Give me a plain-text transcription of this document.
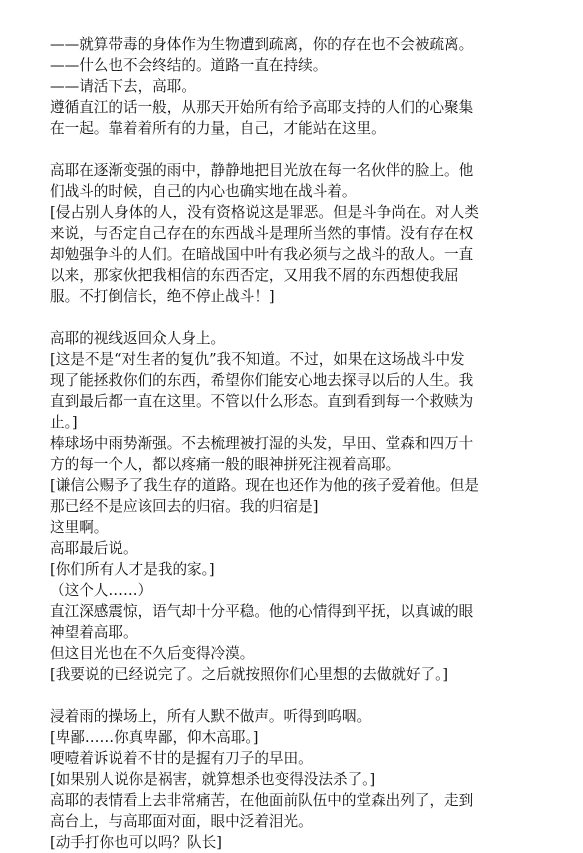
——就算带毒的身体作为生物遭到疏离，你的存在也不会被疏离。
——什么也不会终结的。道路一直在持续。
——请活下去，高耶。
遵循直江的话一般，从那天开始所有给予高耶支持的人们的心聚集
在一起。靠着着所有的力量，自己，才能站在这里。
高耶在逐渐变强的雨中，静静地把目光放在每一名伙伴的脸上。他
们战斗的时候，自己的内心也确实地在战斗着。
[侵占别人身体的人，没有资格说这是罪恶。但是斗争尚在。对人类
来说，与否定自己存在的东西战斗是理所当然的事情。没有存在权
却勉强争斗的人们。在暗战国中叶有我必须与之战斗的敌人。一直
以来，那家伙把我相信的东西否定，又用我不屑的东西想使我屈
服。不打倒信长，绝不停止战斗！]
高耶的视线返回众人身上。
[这是不是“对生者的复仇”我不知道。不过，如果在这场战斗中发
现了能拯救你们的东西，希望你们能安心地去探寻以后的人生。我
直到最后都一直在这里。不管以什么形态。直到看到每一个救赎为
止。]
棒球场中雨势渐强。不去梳理被打湿的头发，早田、堂森和四万十
方的每一个人，都以疼痛一般的眼神拼死注视着高耶。
[谦信公赐予了我生存的道路。现在也还作为他的孩子爱着他。但是
那已经不是应该回去的归宿。我的归宿是]
这里啊。
高耶最后说。
[你们所有人才是我的家。]
（这个人……）
直江深感震惊，语气却十分平稳。他的心情得到平抚，以真诚的眼
神望着高耶。
但这目光也在不久后变得冷漠。
[我要说的已经说完了。之后就按照你们心里想的去做就好了。]
浸着雨的操场上，所有人默不做声。听得到呜咽。
[卑鄙……你真卑鄙，仰木高耶。]
哽噎着诉说着不甘的是握有刀子的早田。
[如果别人说你是祸害，就算想杀也变得没法杀了。]
高耶的表情看上去非常痛苦，在他面前队伍中的堂森出列了，走到
高台上，与高耶面对面，眼中泛着泪光。
[动手打你也可以吗？队长]
